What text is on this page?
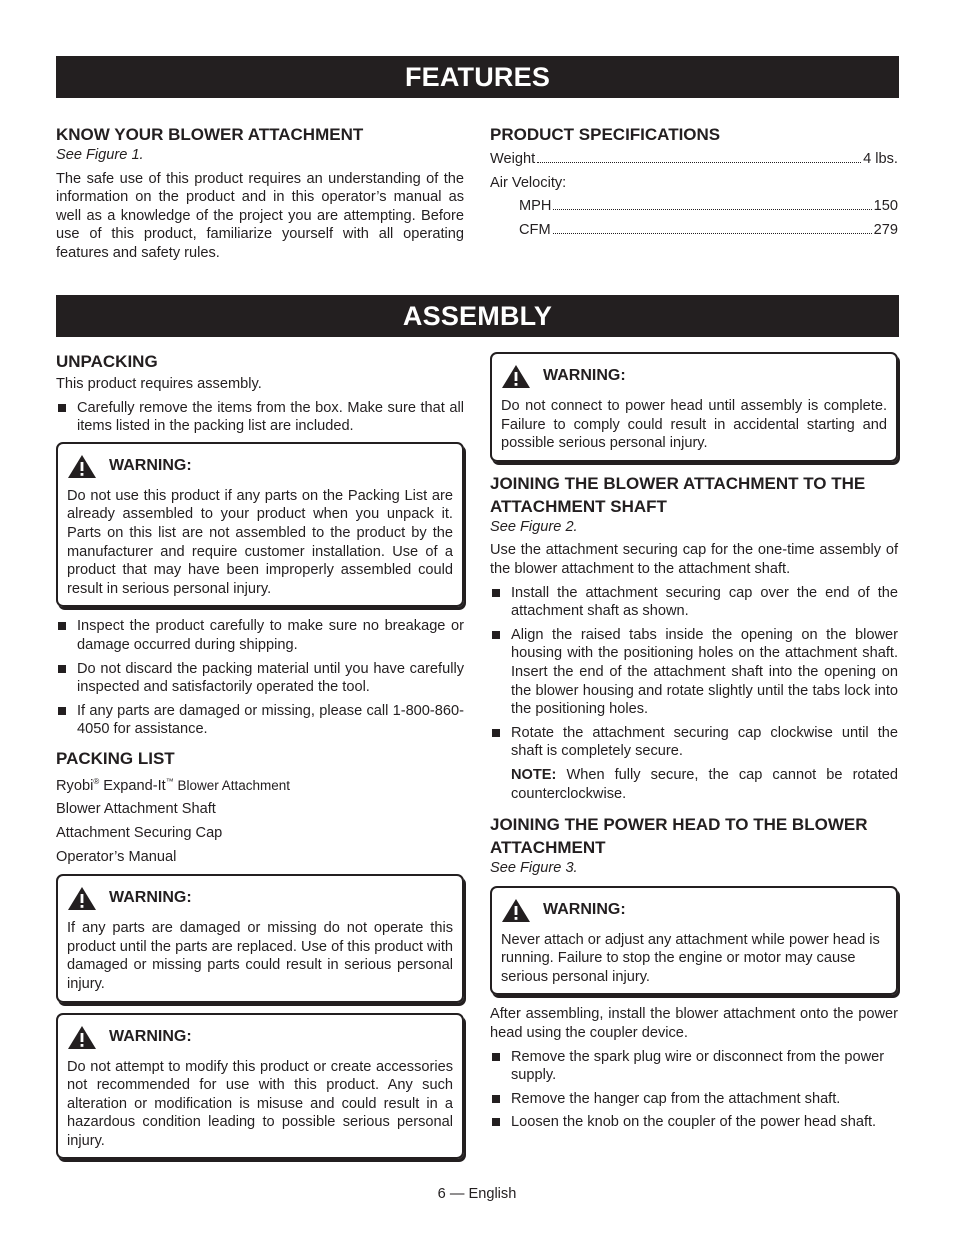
FEATURES
KNOW YOUR BLOWER ATTACHMENT
See Figure 1.

The safe use of this product requires an understanding of the information on the product and in this operator’s manual as well as a knowledge of the project you are attempting. Before use of this product, familiarize yourself with all operating features and safety rules.

PRODUCT SPECIFICATIONS
Weight	4 lbs.
Air Velocity:
MPH	150
CFM	279
ASSEMBLY
UNPACKING

This product requires assembly.

Carefully remove the items from the box. Make sure that all items listed in the packing list are included.
WARNING:

Do not use this product if any parts on the Packing List are already assembled to your product when you unpack it. Parts on this list are not assembled to the product by the manufacturer and require customer installation. Use of a product that may have been improperly assembled could result in serious personal injury.

Inspect the product carefully to make sure no breakage or damage occurred during shipping.
Do not discard the packing material until you have carefully inspected and satisfactorily operated the tool.
If any parts are damaged or missing, please call 1-800-860-4050 for assistance.
PACKING LIST
Ryobi® Expand-It™ Blower Attachment
Blower Attachment Shaft
Attachment Securing Cap
Operator’s Manual
WARNING:

If any parts are damaged or missing do not operate this product until the parts are replaced. Use of this product with damaged or missing parts could result in serious personal injury.

WARNING:

Do not attempt to modify this product or create accessories not recommended for use with this product. Any such alteration or modification is misuse and could result in a hazardous condition leading to possible serious personal injury.

WARNING:

Do not connect to power head until assembly is complete. Failure to comply could result in accidental starting and possible serious personal injury.

JOINING THE BLOWER ATTACHMENT TO THE ATTACHMENT SHAFT
See Figure 2.

Use the attachment securing cap for the one-time assembly of the blower attachment to the attachment shaft.

Install the attachment securing cap over the end of the attachment shaft as shown.
Align the raised tabs inside the opening on the blower housing with the positioning holes on the attachment shaft. Insert the end of the attachment shaft into the opening on the blower housing and rotate slightly until the tabs lock into the positioning holes.
Rotate the attachment securing cap clockwise until the shaft is completely secure.
NOTE: When fully secure, the cap cannot be rotated counterclockwise.
JOINING THE POWER HEAD TO THE BLOWER ATTACHMENT
See Figure 3.
WARNING:

Never attach or adjust any attachment while power head is running. Failure to stop the engine or motor may cause serious personal injury.

After assembling, install the blower attachment onto the power head using the coupler device.

Remove the spark plug wire or disconnect from the power supply.
Remove the hanger cap from the attachment shaft.
Loosen the knob on the coupler of the power head shaft.
6 — English
